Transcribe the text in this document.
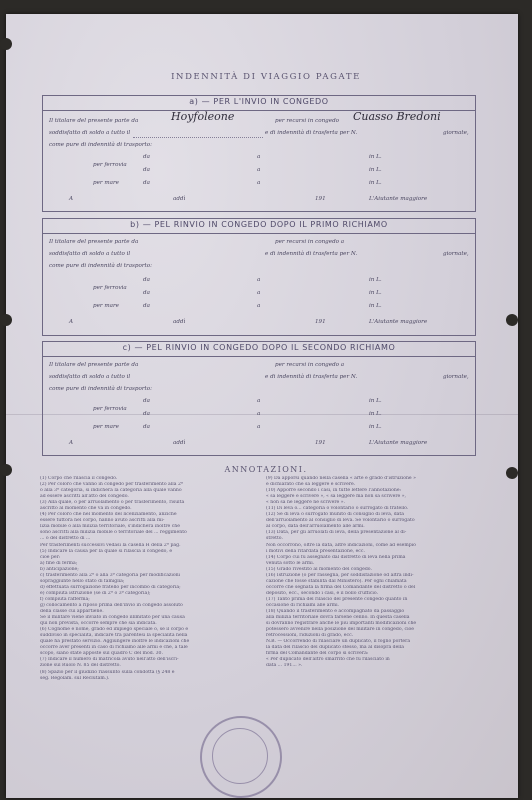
INDENNITÀ DI VIAGGIO PAGATE
a) — PER L'INVIO IN CONGEDO
Il titolare del presente parte da	per recarsi in congedo
soddisfatto di soldo a tutto il	e di indennità di trasferta per N.	giornate,
come pure di indennità di trasporto:
per ferrovia
da	a	in L.
da	a	in L.
per mare	da	a	in L.
A	addì	191	L'Aiutante maggiore
Hoyfoleone	Cuasso Bredoni
b) — PEL RINVIO IN CONGEDO DOPO IL PRIMO RICHIAMO
Il titolare del presente parte da	per recarsi in congedo a
soddisfatto di soldo a tutto il	e di indennità di trasferta per N.	giornate,
come pure di indennità di trasporto:
per ferrovia
da	a	in L.
da	a	in L.
per mare	da	a	in L.
A	addì	191	L'Aiutante maggiore
c) — PEL RINVIO IN CONGEDO DOPO IL SECONDO RICHIAMO
Il titolare del presente parte da	per recarsi in congedo a
soddisfatto di soldo a tutto il	e di indennità di trasferta per N.	giornate,
come pure di indennità di trasporto:
per ferrovia
da	a	in L.
da	a	in L.
per mare	da	a	in L.
A	addì	191	L'Aiutante maggiore
ANNOTAZIONI.

(1) Corpo che rilascia il congedo.

(2) Per coloro che vanno in congedo per trasferimento alla 2ª

o alla 3ª categoria, si indicherà la categoria alla quale vanno

ad essere ascritti all'atto del congedo.

(3) Alla quale, o per arruolamento o per trasferimento, risulta

ascritto al momento che va in congedo.

(4) Per coloro che nel momento del licenziamento, anziché

essere tuttora nel corpo, hanno avuto ascritti alla mi-

lizia mobile o alla milizia territoriale, s'indicherà inoltre che

sono ascritti alla milizia mobile o territoriale del ... reggimento

... o del distretto di ...

Per trasferimenti successivi vedasi la casella H della 2ª pag.

(5) Indicare la causa per la quale si rilascia il congedo, e

cioè per:

a) fine di ferma;

b) anticipazione;

c) trasferimento alla 2ª o alla 3ª categoria per modificazioni

sopraggiunte nello stato di famiglia;

d) effettuata surrogazione fratello per incombo di categoria;

e) compiuta istruzione (se di 2ª o 3ª categoria);

f) compiuta rafferma;

g) collocamento a riposo prima dell'invio in congedo assoluto

della classe cui appartiene.

Se il militare viene inviato in congedo illimitato per una causa

qui non prevista, occorre sempre che sia indicata.

(6) Cognome e nome, grado ed impiego speciale o, se il corpo è

suddiviso in specialità, indicare tra parentesi la specialità nella

quale ha prestato servizio. Aggiungere inoltre le indicazioni che

occorre aver presenti in caso di richiamo alle armi e che, a tale

scopo, siano state apposte sul quadro C del mod. 30.

(7) Indicare il numero di matricola avuto nell'atto dell'iscri-

zione sul Ruolo N. 85 del distretto.

(8) Spazio per il giudizio riassunto sulla condotta (§ 248 e

seg. Regolam. sul Reclutam.).

(9) Da apporsi quando nella casella « arte e grado d'istruzione »

è dichiarato che sa leggere e scrivere.

(10) Apporre secondo i casi, in tutte lettere l'annotazione:

« sa leggere e scrivere », « sa leggere ma non sa scrivere »,

« non sa nè leggere nè scrivere ».

(11) Di leva o... categoria o volontario o surrogato di fratello.

(12) Se di leva o surrogato munito di consiglio di leva, data

dell'arruolamento al consiglio di leva. Se volontario o surrogato

al corpo, data dell'arruolamento alle armi.

(13) Data, per gli arruolati di leva, della presentazione al di-

stretto.

Non occorrono, oltre la data, altre indicazioni, come ad esempio

i motivi della ritardata presentazione, ecc.

(14) Corpo cui fu assegnato dal distretto di leva nella prima

venuta sotto le armi.

(15) Grado rivestito al momento del congedo.

(16) Istruzione (o per rassegna, per soddisfazione od altra indi-

cazione che fosse stabilita dal Ministero). Per ogni chiamata

occorre che segnata la firma del Comandante del distretto o del

deposito, ecc., secondo i casi, e il bollo d'ufficio.

(17) Tanto prima del rilascio del presente congedo quanto in

occasione di richiami alle armi.

(18) Quando il trasferimento è accompagnato da passaggio

alla milizia territoriale dovrà farsene cenno. In questa casella

si dovranno registrare anche le più importanti modificazioni che

potessero avvenire nella posizione del militare in congedo, cioè

retrocessioni, riduzioni di grado, ecc.

N.B. — Occorrendo di rilasciare un duplicato, il foglio porterà

la data del rilascio del duplicato stesso, ma al disopra della

firma del Comandante del corpo si scriverà:

« Per duplicato dell'altro smarrito che fu rilasciato in

data ... 191... ».
